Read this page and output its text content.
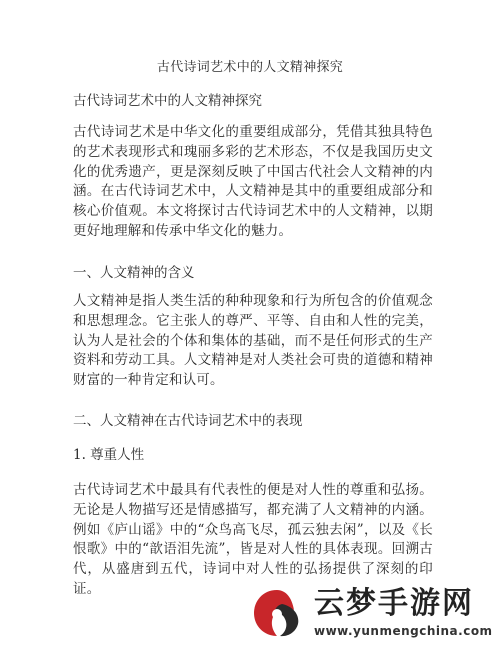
古代诗词艺术中的人文精神探究
古代诗词艺术中的人文精神探究
古代诗词艺术是中华文化的重要组成部分，凭借其独具特色的艺术表现形式和瑰丽多彩的艺术形态，不仅是我国历史文化的优秀遗产，更是深刻反映了中国古代社会人文精神的内涵。在古代诗词艺术中，人文精神是其中的重要组成部分和核心价值观。本文将探讨古代诗词艺术中的人文精神，以期更好地理解和传承中华文化的魅力。
一、人文精神的含义
人文精神是指人类生活的种种现象和行为所包含的价值观念和思想理念。它主张人的尊严、平等、自由和人性的完美，认为人是社会的个体和集体的基础，而不是任何形式的生产资料和劳动工具。人文精神是对人类社会可贵的道德和精神财富的一种肯定和认可。
二、人文精神在古代诗词艺术中的表现
1. 尊重人性
古代诗词艺术中最具有代表性的便是对人性的尊重和弘扬。无论是人物描写还是情感描写，都充满了人文精神的内涵。例如《庐山谣》中的“众鸟高飞尽，孤云独去闲”，以及《长恨歌》中的“歆语泪先流”，皆是对人性的具体表现。回溯古代，从盛唐到五代，诗词中对人性的弘扬提供了深刻的印证。	云梦手游网
www.yunmengchina.com
